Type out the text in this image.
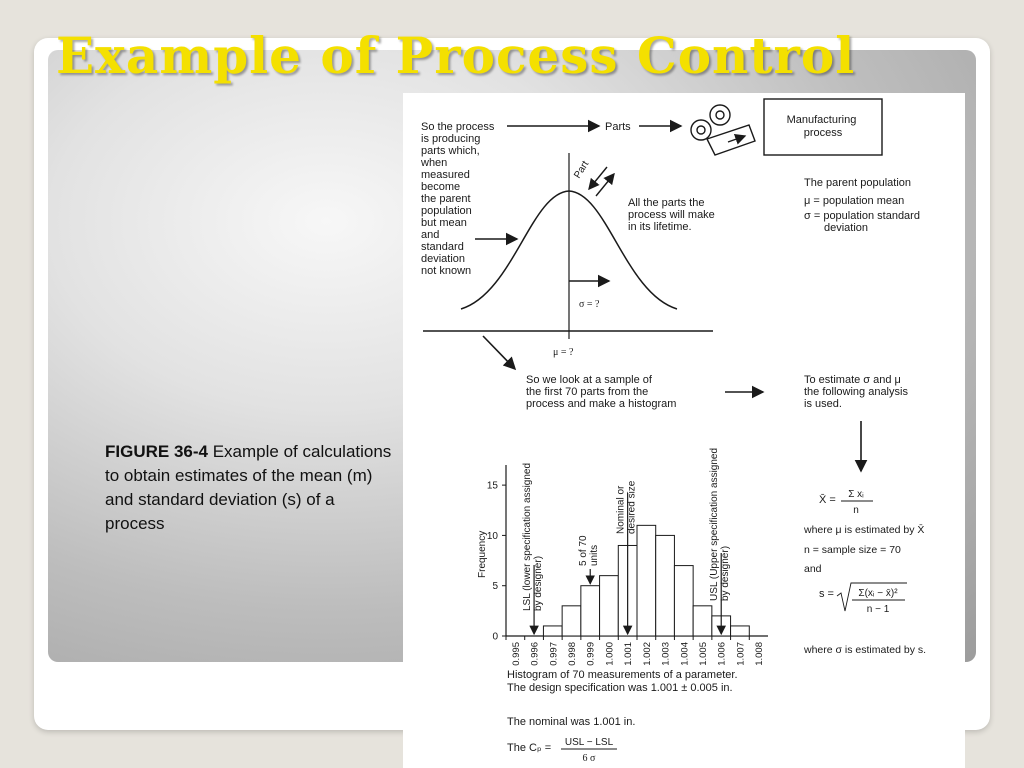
Example of Process Control
FIGURE 36-4 Example of calculations to obtain estimates of the mean (m) and standard deviation (s) of a process
So the process is producing parts which, when measured become the parent population but mean and standard deviation not known
Parts
Manufacturing process
σ = ?
μ = ?
Part
All the parts the process will make in its lifetime.
The parent population μ = population mean σ = population standard deviation
So we look at a sample of the first 70 parts from the process and make a histogram
To estimate σ and μ the following analysis is used.
0
5
10
15
0.995 0.996 0.997 0.998 0.999 1.000 1.001 1.002 1.003 1.004 1.005 1.006 1.007 1.008
LSL (lower specification assignedby designer)	USL (Upper specification assignedby designer)
Nominal ordesired size
5 of 70units
Frequency
Histogram of 70 measurements of a parameter. The design specification was 1.001 ± 0.005 in.
X̄ = Σ xᵢ
n
where μ is estimated by X̄
n = sample size = 70
and
s = Σ(xᵢ − x̄)²
n − 1
where σ is estimated by s.
The nominal was 1.001 in.
The Cₚ = USL − LSL
6 σ
